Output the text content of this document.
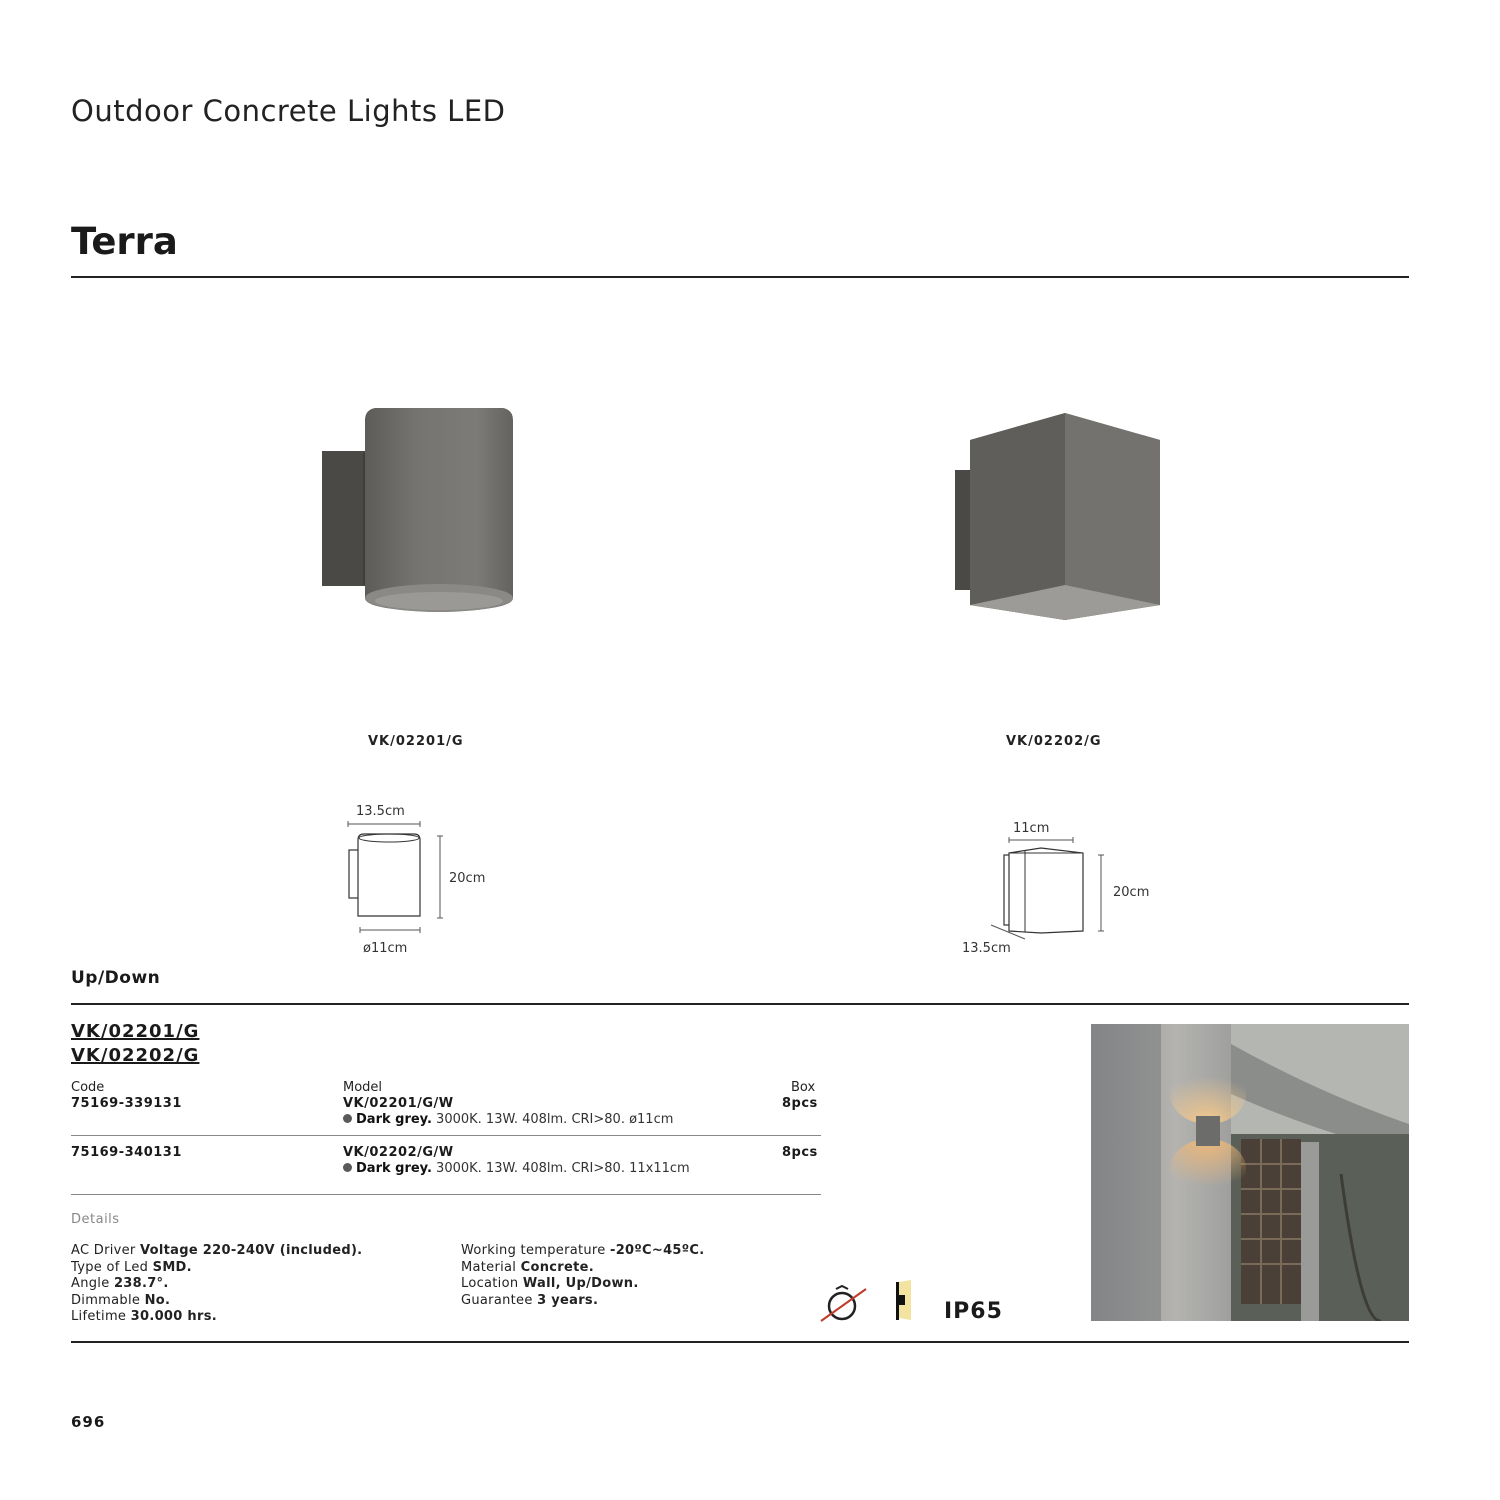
Outdoor Concrete Lights LED
Terra
VK/02201/G	VK/02202/G
13.5cm
20cm
ø11cm
11cm
20cm
13.5cm
Up/Down
VK/02201/G
VK/02202/G
Code	Model	Box
75169-339131	VK/02201/G/W	8pcs
Dark grey. 3000K. 13W. 408lm. CRI>80. ø11cm
75169-340131	VK/02202/G/W	8pcs
Dark grey. 3000K. 13W. 408lm. CRI>80. 11x11cm
Details
AC Driver Voltage 220-240V (included).
Type of Led SMD.
Angle 238.7°.
Dimmable No.
Lifetime 30.000 hrs.
Working temperature -20ºC~45ºC.
Material Concrete.
Location Wall, Up/Down.
Guarantee 3 years.	IP65
696
